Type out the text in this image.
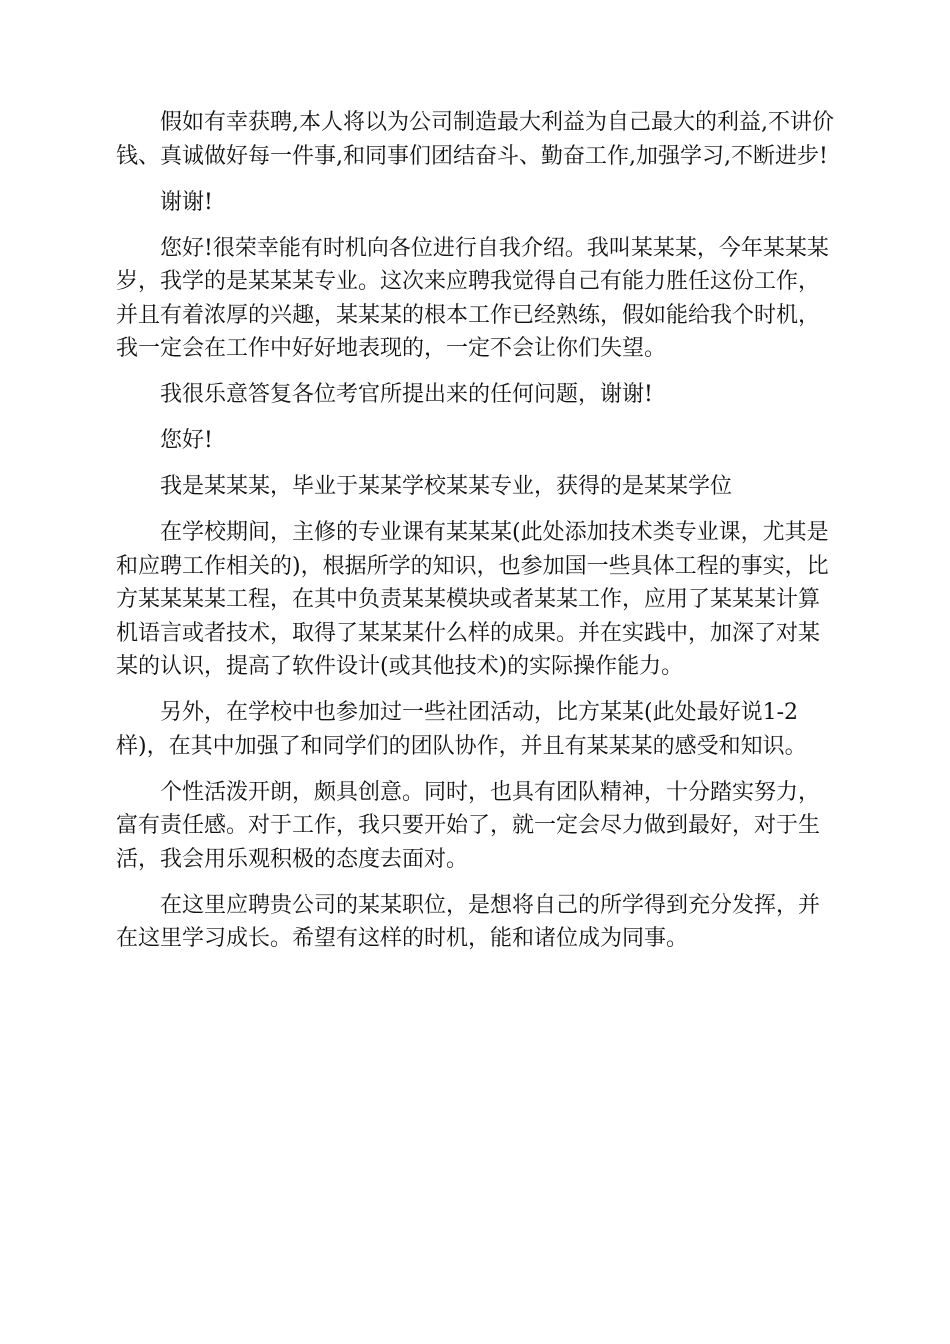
假如有幸获聘,本人将以为公司制造最大利益为自己最大的利益,不讲价钱、真诚做好每一件事,和同事们团结奋斗、勤奋工作,加强学习,不断进步!

谢谢!

您好!很荣幸能有时机向各位进行自我介绍。我叫某某某，今年某某某岁，我学的是某某某专业。这次来应聘我觉得自己有能力胜任这份工作，并且有着浓厚的兴趣，某某某的根本工作已经熟练，假如能给我个时机，我一定会在工作中好好地表现的，一定不会让你们失望。

我很乐意答复各位考官所提出来的任何问题，谢谢!

您好!

我是某某某，毕业于某某学校某某专业，获得的是某某学位

在学校期间，主修的专业课有某某某(此处添加技术类专业课，尤其是和应聘工作相关的)，根据所学的知识，也参加国一些具体工程的事实，比方某某某某工程，在其中负责某某模块或者某某工作，应用了某某某计算机语言或者技术，取得了某某某什么样的成果。并在实践中，加深了对某某的认识，提高了软件设计(或其他技术)的实际操作能力。

另外，在学校中也参加过一些社团活动，比方某某(此处最好说1-2样)，在其中加强了和同学们的团队协作，并且有某某某的感受和知识。

个性活泼开朗，颇具创意。同时，也具有团队精神，十分踏实努力，富有责任感。对于工作，我只要开始了，就一定会尽力做到最好，对于生活，我会用乐观积极的态度去面对。

在这里应聘贵公司的某某职位，是想将自己的所学得到充分发挥，并在这里学习成长。希望有这样的时机，能和诸位成为同事。
